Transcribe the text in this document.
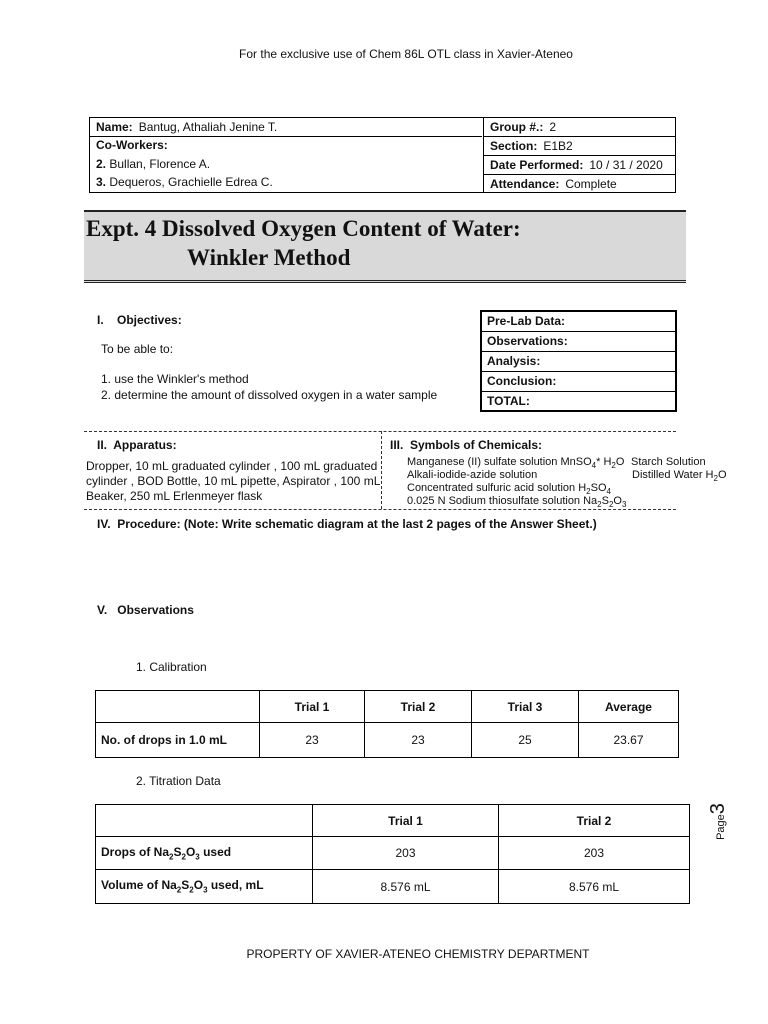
For the exclusive use of Chem 86L OTL class in Xavier-Ateneo
Name: Bantug, Athaliah Jenine T.
Co-Workers:
2. Bullan, Florence A.
3. Dequeros, Grachielle Edrea C.
Group #.: 2
Section: E1B2
Date Performed: 10 / 31 / 2020
Attendance: Complete
Expt. 4 Dissolved Oxygen Content of Water:
Winkler Method
I.    Objectives:
To be able to:
1. use the Winkler's method
2. determine the amount of dissolved oxygen in a water sample
Pre-Lab Data:
Observations:
Analysis:
Conclusion:
TOTAL:
II.  Apparatus:
Dropper, 10 mL graduated cylinder , 100 mL graduated
cylinder , BOD Bottle, 10 mL pipette, Aspirator , 100 mL
Beaker, 250 mL Erlenmeyer flask
III.  Symbols of Chemicals:
Manganese (II) sulfate solution MnSO$_4$* $H_2O$
Alkali-iodide-azide solution
Concentrated sulfuric acid solution $H_2SO_4$
0.025 N Sodium thiosulfate solution $Na_2S_2O_3$
Starch Solution
Distilled Water $H_2O$
IV.  Procedure: (Note: Write schematic diagram at the last 2 pages of the Answer Sheet.)
V.   Observations
1. Calibration
	Trial 1	Trial 2	Trial 3	Average
No. of drops in 1.0 mL	23	23	25	23.67
2. Titration Data
	Trial 1	Trial 2
Drops of $Na_2S_2O_3$ used	203	203
Volume of $Na_2S_2O_3$ used, mL	8.576 mL	8.576 mL
Page3
PROPERTY OF XAVIER-ATENEO CHEMISTRY DEPARTMENT
